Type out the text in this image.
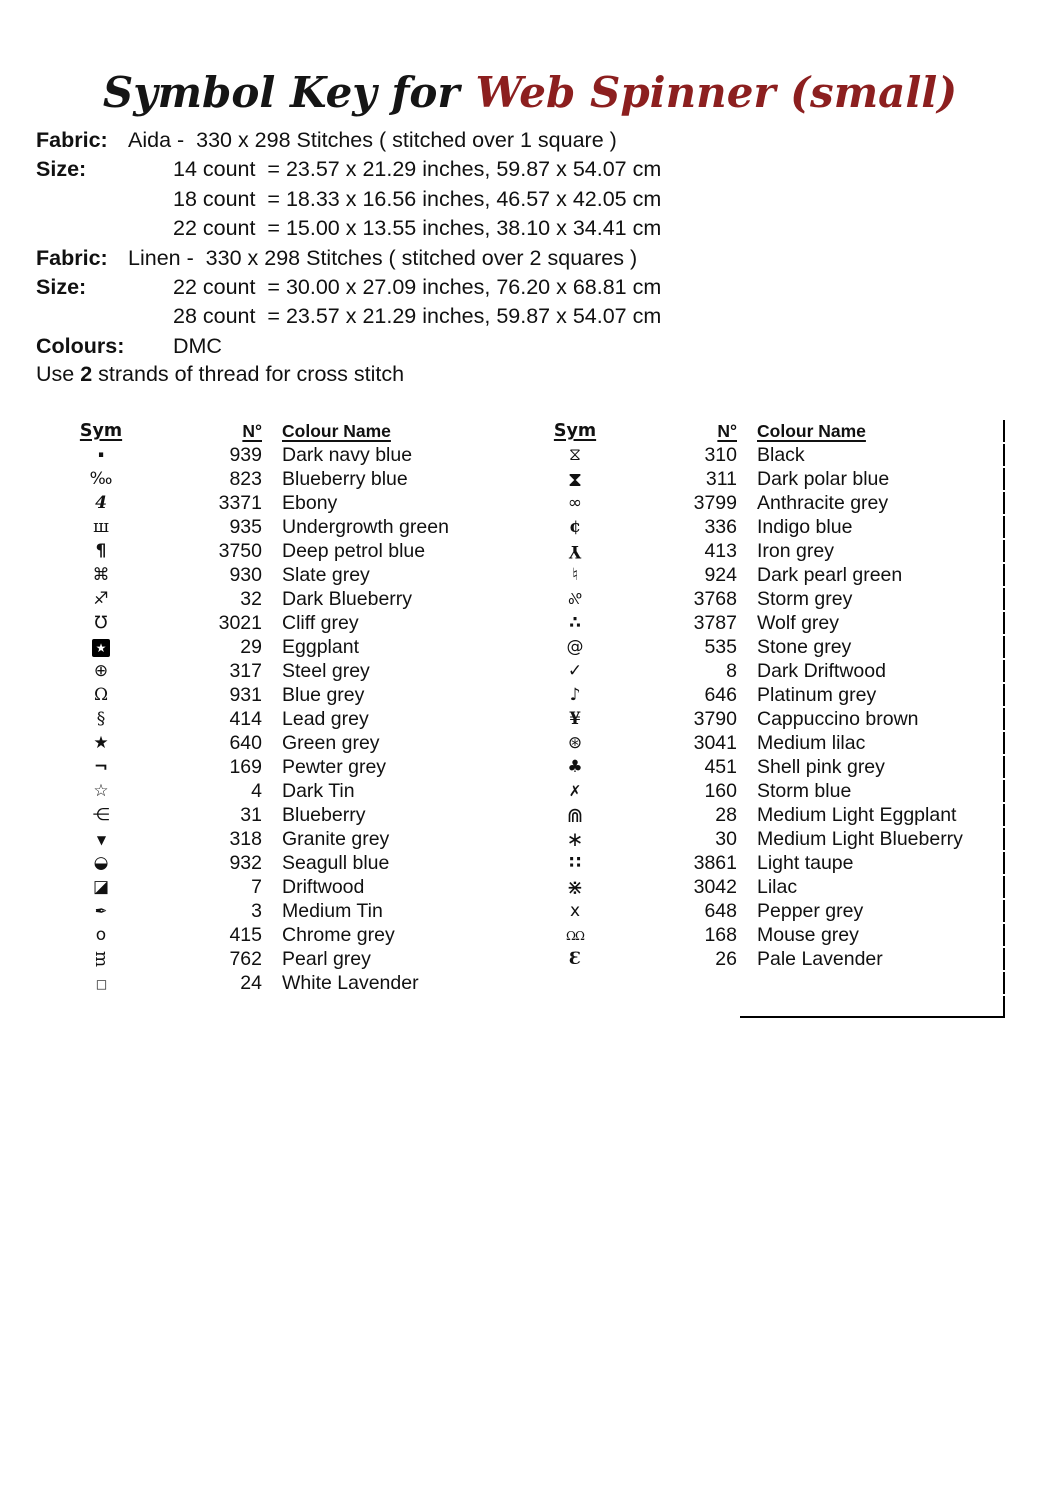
Symbol Key for Web Spinner (small)
Fabric: Aida -  330 x 298 Stitches ( stitched over 1 square )
Size:	14 count  = 23.57 x 21.29 inches, 59.87 x 54.07 cm
18 count  = 18.33 x 16.56 inches, 46.57 x 42.05 cm
22 count  = 15.00 x 13.55 inches, 38.10 x 34.41 cm
Fabric: Linen -  330 x 298 Stitches ( stitched over 2 squares )
Size:	22 count  = 30.00 x 27.09 inches, 76.20 x 68.81 cm
28 count  = 23.57 x 21.29 inches, 59.87 x 54.07 cm
Colours: DMC
Use 2 strands of thread for cross stitch
Sym	N°	Colour Name
·	939	Dark navy blue
‰	823	Blueberry blue
4	3371	Ebony
ш	935	Undergrowth green
¶	3750	Deep petrol blue
⌘	930	Slate grey
♐	32	Dark Blueberry
℧	3021	Cliff grey
★	29	Eggplant
⊕	317	Steel grey
Ω	931	Blue grey
§	414	Lead grey
★	640	Green grey
¬	169	Pewter grey
☆	4	Dark Tin
⋲	31	Blueberry
▼	318	Granite grey
◒	932	Seagull blue
◪	7	Driftwood
✒	3	Medium Tin
o	415	Chrome grey
m	762	Pearl grey
□	24	White Lavender
Sym	N°	Colour Name
⧖	310	Black
⧗	311	Dark polar blue
∞	3799	Anthracite grey
¢	336	Indigo blue
Y	413	Iron grey
♮	924	Dark pearl green
%	3768	Storm grey
∴	3787	Wolf grey
@	535	Stone grey
✓	8	Dark Driftwood
♪	646	Platinum grey
¥	3790	Cappuccino brown
⊛	3041	Medium lilac
♣	451	Shell pink grey
✗	160	Storm blue
⋒	28	Medium Light Eggplant
∗	30	Medium Light Blueberry
∷	3861	Light taupe
⋇	3042	Lilac
x	648	Pepper grey
ΩΩ	168	Mouse grey
Ɛ	26	Pale Lavender
